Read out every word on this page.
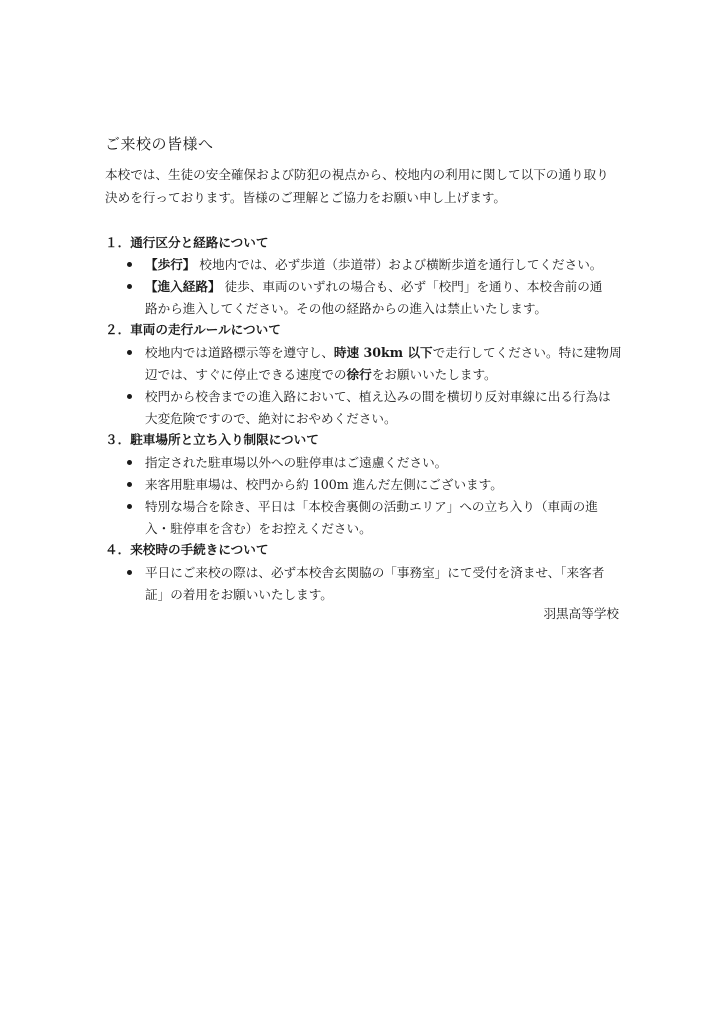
ご来校の皆様へ

本校では、生徒の安全確保および防犯の視点から、校地内の利用に関して以下の通り取り

決めを行っております。皆様のご理解とご協力をお願い申し上げます。

１．通行区分と経路について
【歩行】 校地内では、必ず歩道（歩道帯）および横断歩道を通行してください。
【進入経路】 徒歩、車両のいずれの場合も、必ず「校門」を通り、本校舎前の通
路から進入してください。その他の経路からの進入は禁止いたします。
２．車両の走行ルールについて
校地内では道路標示等を遵守し、時速 30km 以下で走行してください。特に建物周
辺では、すぐに停止できる速度での徐行をお願いいたします。
校門から校舎までの進入路において、植え込みの間を横切り反対車線に出る行為は
大変危険ですので、絶対におやめください。
３．駐車場所と立ち入り制限について
指定された駐車場以外への駐停車はご遠慮ください。
来客用駐車場は、校門から約 100m 進んだ左側にございます。
特別な場合を除き、平日は「本校舎裏側の活動エリア」への立ち入り（車両の進
入・駐停車を含む）をお控えください。
４．来校時の手続きについて
平日にご来校の際は、必ず本校舎玄関脇の「事務室」にて受付を済ませ、「来客者
証」の着用をお願いいたします。
羽黒高等学校
